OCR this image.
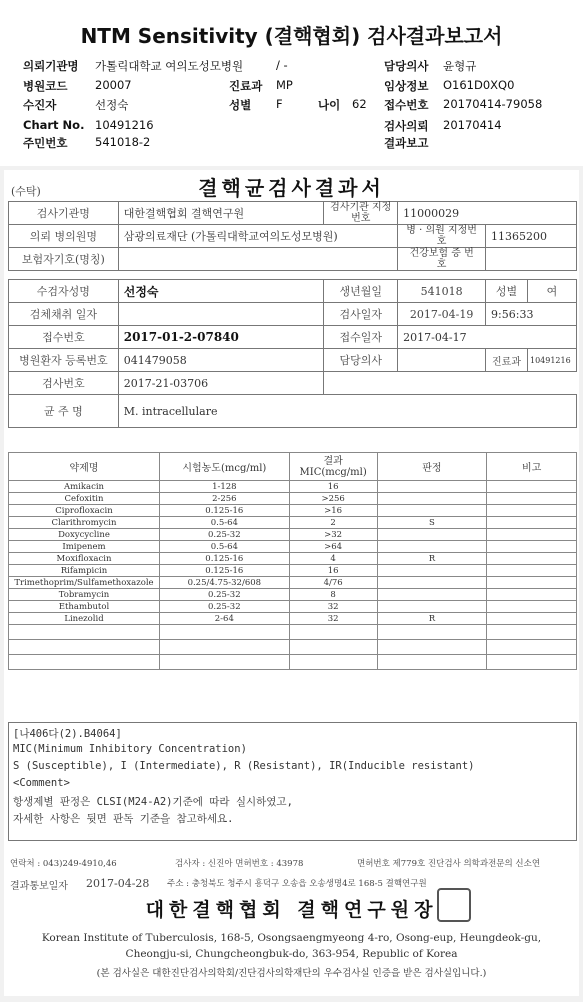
NTM Sensitivity (결핵협회) 검사결과보고서
의뢰기관명 가톨릭대학교 여의도성모병원
병원코드 20007
수진자	선정숙
Chart No. 10491216
주민번호 541018-2
/ -
진료과 MP
성별 F	나이 62
담당의사 윤형규
임상정보 O161D0XQ0
접수번호 20170414-79058
검사의뢰 20170414
결과보고
(수탁)	결핵균검사결과서
검사기관명	대한결핵협회 결핵연구원	검사기관 지정번호	11000029		
의뢰 병의원명	삼광의료재단 (가톨릭대학교여의도성모병원)		병 · 의원 지정번호	11365200	
보험자기호(명칭)			건강보험 증 번 호		

수검자성명	선정숙	생년월일	541018	성별	여
검체채취 일자		검사일자	2017-04-19	9:56:33	
접수번호	2017-01-2-07840	접수일자	2017-04-17		
병원환자 등록번호	041479058	담당의사		진료과	10491216
검사번호	2017-21-03706				
균 주 명	M. intracellulare				
약제명	시험농도(mcg/ml)	결과 MIC(mcg/ml)	판정	비고
Amikacin	1-128	16		
Cefoxitin	2-256	>256		
Ciprofloxacin	0.125-16	>16		
Clarithromycin	0.5-64	2	S	
Doxycycline	0.25-32	>32		
Imipenem	0.5-64	>64		
Moxifloxacin	0.125-16	4	R	
Rifampicin	0.125-16	16		
Trimethoprim/Sulfamethoxazole	0.25/4.75-32/608	4/76		
Tobramycin	0.25-32	8		
Ethambutol	0.25-32	32		
Linezolid	2-64	32	R	

[나406다(2).B4064]
MIC(Minimum Inhibitory Concentration)
S (Susceptible), I (Intermediate), R (Resistant), IR(Inducible resistant)
<Comment>
항생제별 판정은 CLSI(M24-A2)기준에 따라 실시하였고,
자세한 사항은 뒷면 판독 기준을 참고하세요.
연락처 : 043)249-4910,46	검사자 : 신진아 면허번호 : 43978	면허번호 제779호 진단검사 의학과전문의 신소연
결과통보일자 2017-04-28 주소 : 충청북도 청주시 흥덕구 오송읍 오송생명4로 168-5 결핵연구원
대한결핵협회 결핵연구원장
Korean Institute of Tuberculosis, 168-5, Osongsaengmyeong 4-ro, Osong-eup, Heungdeok-gu,
Cheongju-si, Chungcheongbuk-do, 363-954, Republic of Korea
(본 검사실은 대한진단검사의학회/진단검사의학재단의 우수검사실 인증을 받은 검사실입니다.)
